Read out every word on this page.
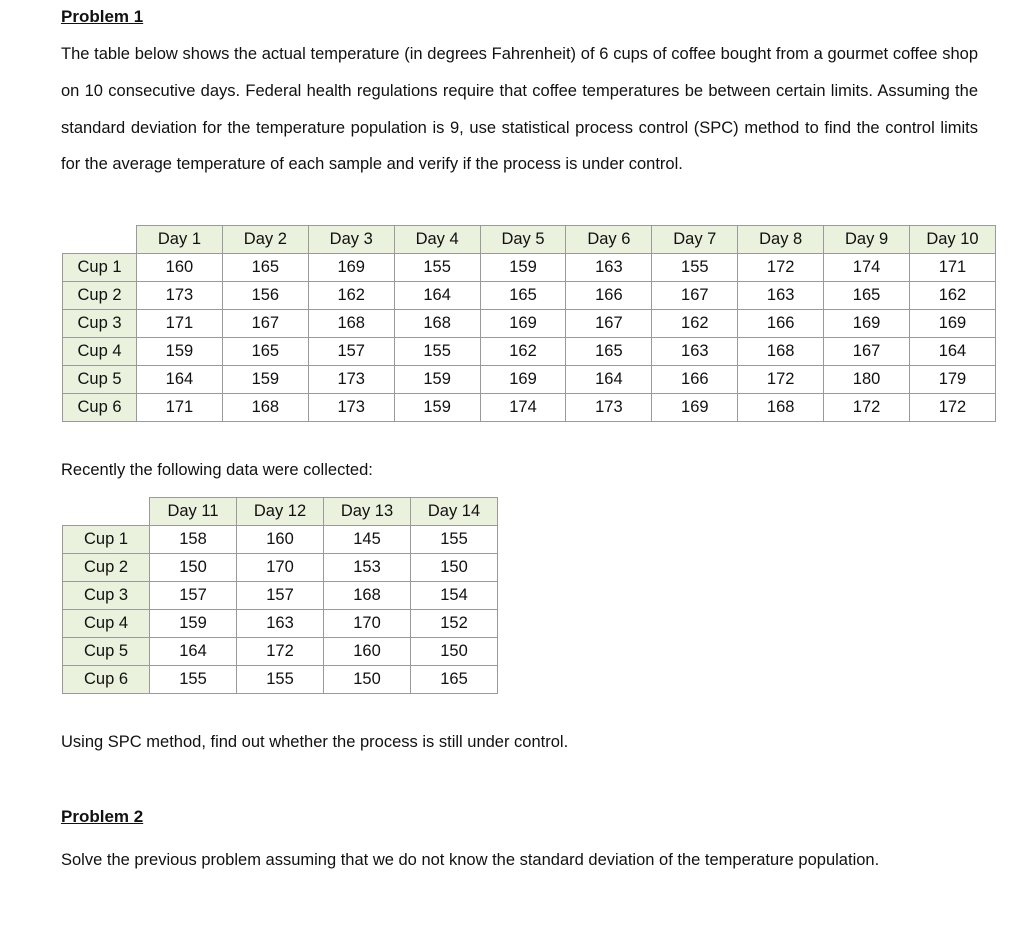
Problem 1

The table below shows the actual temperature (in degrees Fahrenheit) of 6 cups of coffee bought from a gourmet coffee shop on 10 consecutive days. Federal health regulations require that coffee temperatures be between certain limits. Assuming the standard deviation for the temperature population is 9, use statistical process control (SPC) method to find the control limits for the average temperature of each sample and verify if the process is under control.

	Day 1	Day 2	Day 3	Day 4	Day 5	Day 6	Day 7	Day 8	Day 9	Day 10
Cup 1	160	165	169	155	159	163	155	172	174	171
Cup 2	173	156	162	164	165	166	167	163	165	162
Cup 3	171	167	168	168	169	167	162	166	169	169
Cup 4	159	165	157	155	162	165	163	168	167	164
Cup 5	164	159	173	159	169	164	166	172	180	179
Cup 6	171	168	173	159	174	173	169	168	172	172

Recently the following data were collected:

	Day 11	Day 12	Day 13	Day 14
Cup 1	158	160	145	155
Cup 2	150	170	153	150
Cup 3	157	157	168	154
Cup 4	159	163	170	152
Cup 5	164	172	160	150
Cup 6	155	155	150	165

Using SPC method, find out whether the process is still under control.

Problem 2

Solve the previous problem assuming that we do not know the standard deviation of the temperature population.
